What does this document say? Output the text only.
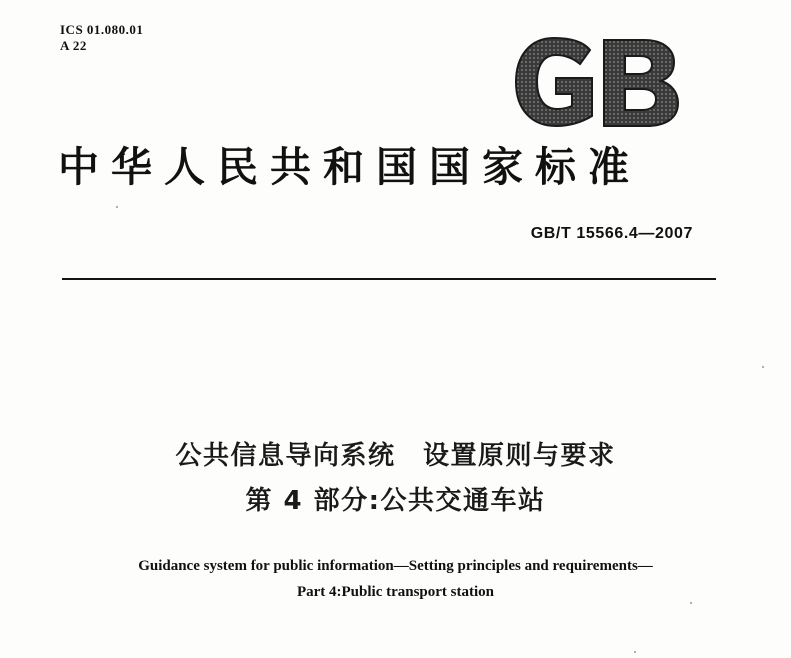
ICS 01.080.01
A 22
中华人民共和国国家标准
GB/T 15566.4—2007
公共信息导向系统　设置原则与要求
第 4 部分:公共交通车站
Guidance system for public information—Setting principles and requirements—
Part 4:Public transport station
